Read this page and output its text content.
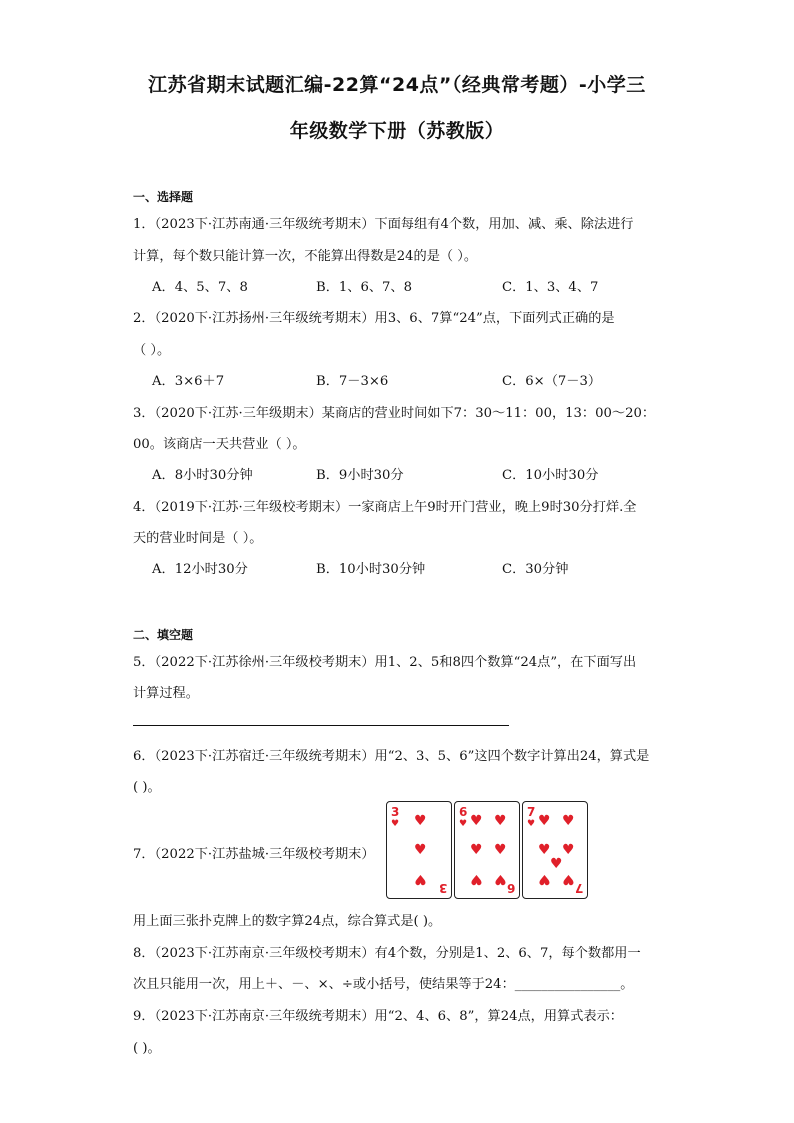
江苏省期末试题汇编-22算“24点”（经典常考题）-小学三
年级数学下册（苏教版）
一、选择题
1．（2023下·江苏南通·三年级统考期末）下面每组有4个数，用加、减、乘、除法进行
计算，每个数只能计算一次，不能算出得数是24的是（ ）。
A．4、5、7、8	B．1、6、7、8	C．1、3、4、7
2．（2020下·江苏扬州·三年级统考期末）用3、6、7算“24”点，下面列式正确的是
（ ）。
A．3×6＋7	B．7－3×6	C．6×（7－3）
3．（2020下·江苏·三年级期末）某商店的营业时间如下7：30～11：00，13：00～20：
00。该商店一天共营业（ ）。
A．8小时30分钟	B．9小时30分	C．10小时30分
4．（2019下·江苏·三年级校考期末）一家商店上午9时开门营业，晚上9时30分打烊.全
天的营业时间是（ ）。
A．12小时30分	B．10小时30分钟	C．30分钟
二、填空题
5．（2022下·江苏徐州·三年级校考期末）用1、2、5和8四个数算“24点”，在下面写出
计算过程。
6．（2023下·江苏宿迁·三年级统考期末）用“2、3、5、6”这四个数字计算出24，算式是
( )。
7．（2022下·江苏盐城·三年级校考期末）
3
♥ ♥
♥
♥
3
6
♥ ♥ ♥
♥ ♥
♥ ♥
6
7
♥ ♥ ♥
♥ ♥
♥
♥ ♥
7
用上面三张扑克牌上的数字算24点，综合算式是( )。
8．（2023下·江苏南京·三年级校考期末）有4个数，分别是1、2、6、7，每个数都用一
次且只能用一次，用上＋、－、×、÷或小括号，使结果等于24：________________。
9．（2023下·江苏南京·三年级统考期末）用“2、4、6、8”，算24点，用算式表示：
( )。
